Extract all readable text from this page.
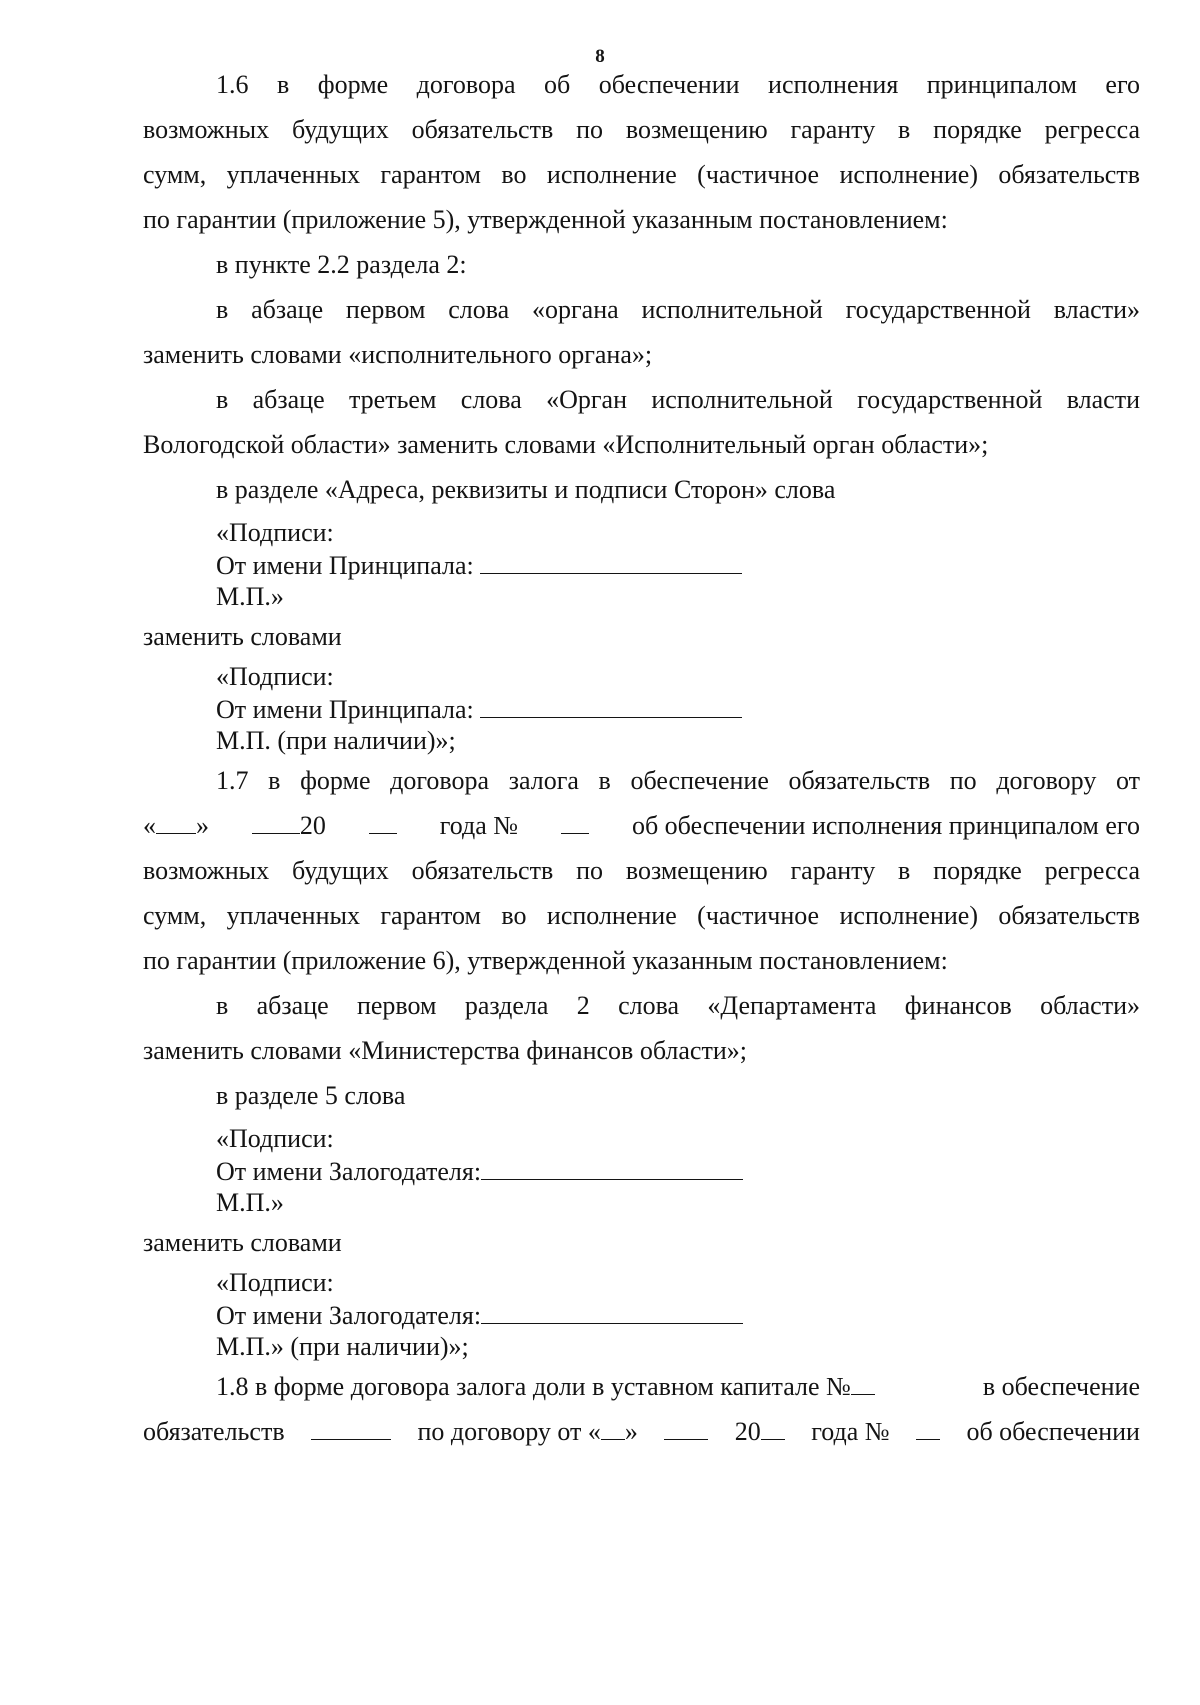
8
1.6 в форме договора об обеспечении исполнения принципалом его
возможных будущих обязательств по возмещению гаранту в порядке регресса
сумм, уплаченных гарантом во исполнение (частичное исполнение) обязательств
по гарантии (приложение 5), утвержденной указанным постановлением:
в пункте 2.2 раздела 2:
в абзаце первом слова «органа исполнительной государственной власти»
заменить словами «исполнительного органа»;
в абзаце третьем слова «Орган исполнительной государственной власти
Вологодской области» заменить словами «Исполнительный орган области»;
в разделе «Адреса, реквизиты и подписи Сторон» слова
«Подписи:
От имени Принципала:
М.П.»
заменить словами
«Подписи:
От имени Принципала:
М.П. (при наличии)»;
1.7 в форме договора залога в обеспечение обязательств по договору от
« »	20	года №	об обеспечении исполнения принципалом его
возможных будущих обязательств по возмещению гаранту в порядке регресса
сумм, уплаченных гарантом во исполнение (частичное исполнение) обязательств
по гарантии (приложение 6), утвержденной указанным постановлением:
в абзаце первом раздела 2 слова «Департамента финансов области»
заменить словами «Министерства финансов области»;
в разделе 5 слова
«Подписи:
От имени Залогодателя:
М.П.»
заменить словами
«Подписи:
От имени Залогодателя:
М.П.» (при наличии)»;
1.8 в форме договора залога доли в уставном капитале №	в обеспечение
обязательств	по договору от « »	20	года №	об обеспечении
